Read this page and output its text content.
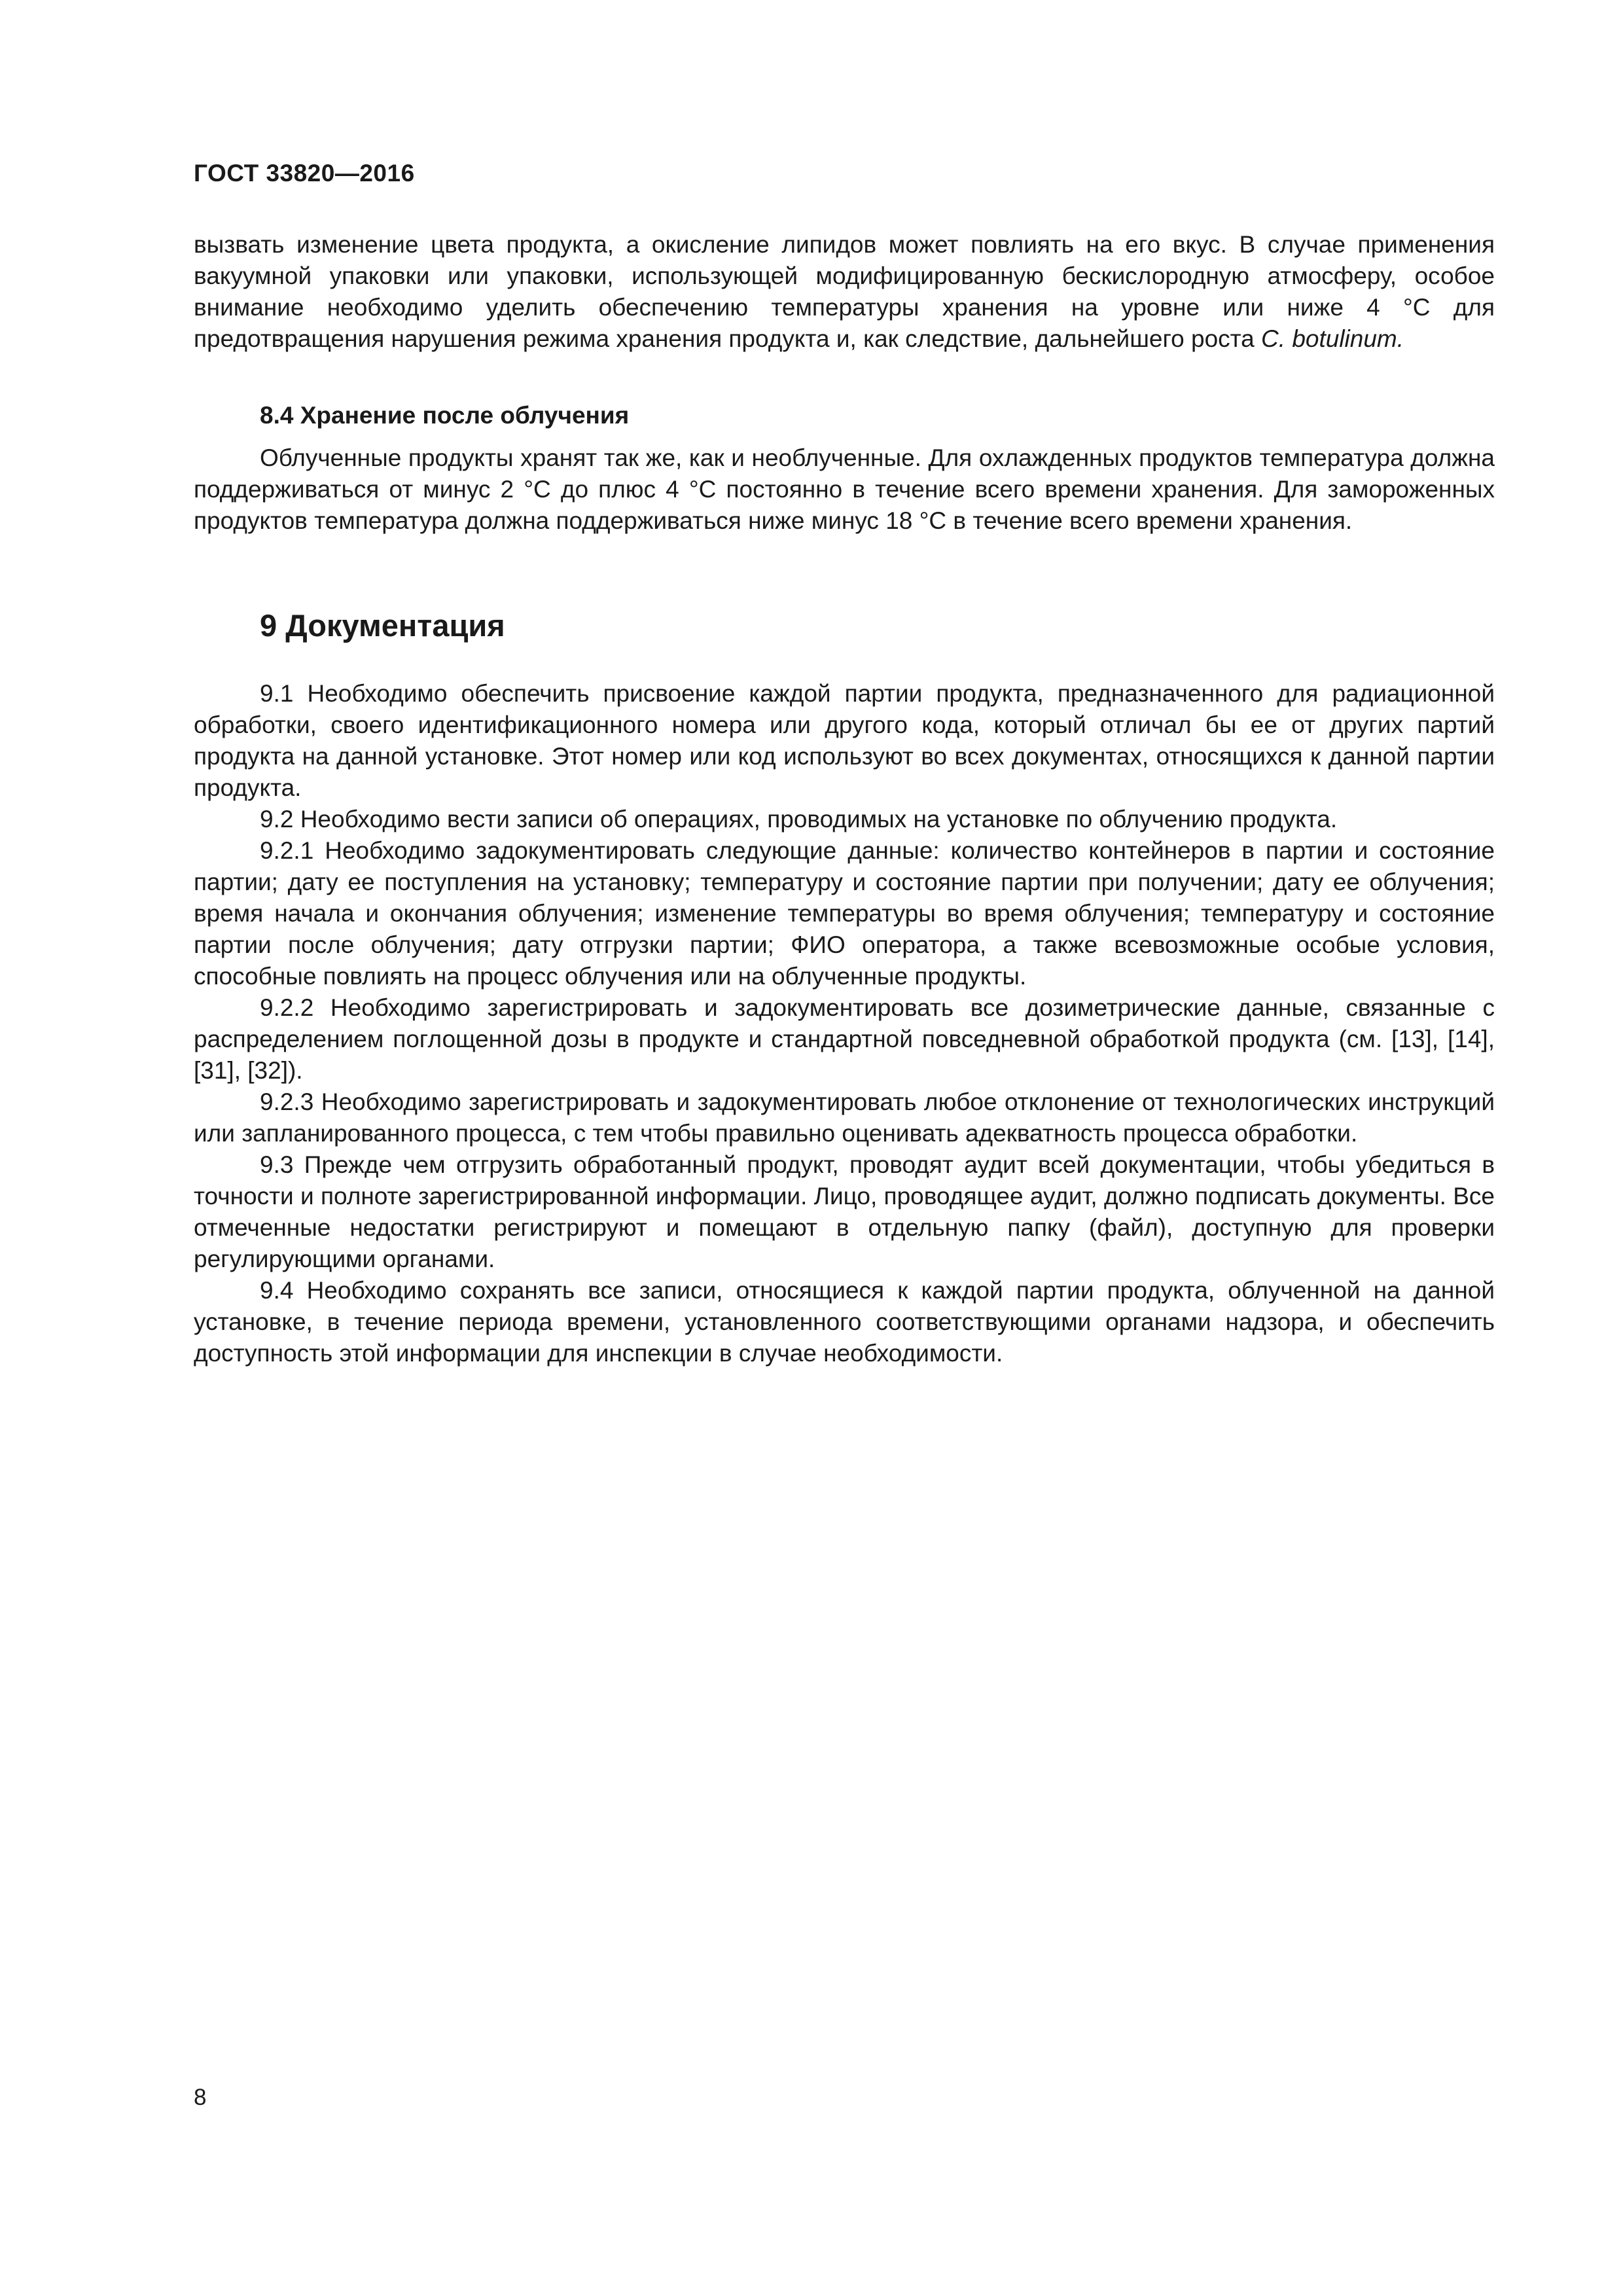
ГОСТ 33820—2016

вызвать изменение цвета продукта, а окисление липидов может повлиять на его вкус. В случае применения вакуумной упаковки или упаковки, использующей модифицированную бескислородную атмосферу, особое внимание необходимо уделить обеспечению температуры хранения на уровне или ниже 4 °С для предотвращения нарушения режима хранения продукта и, как следствие, дальнейшего роста C. botulinum.

8.4 Хранение после облучения

Облученные продукты хранят так же, как и необлученные. Для охлажденных продуктов температура должна поддерживаться от минус 2 °С до плюс 4 °С постоянно в течение всего времени хранения. Для замороженных продуктов температура должна поддерживаться ниже минус 18 °С в течение всего времени хранения.

9 Документация

9.1 Необходимо обеспечить присвоение каждой партии продукта, предназначенного для радиационной обработки, своего идентификационного номера или другого кода, который отличал бы ее от других партий продукта на данной установке. Этот номер или код используют во всех документах, относящихся к данной партии продукта.

9.2 Необходимо вести записи об операциях, проводимых на установке по облучению продукта.

9.2.1 Необходимо задокументировать следующие данные: количество контейнеров в партии и состояние партии; дату ее поступления на установку; температуру и состояние партии при получении; дату ее облучения; время начала и окончания облучения; изменение температуры во время облучения; температуру и состояние партии после облучения; дату отгрузки партии; ФИО оператора, а также всевозможные особые условия, способные повлиять на процесс облучения или на облученные продукты.

9.2.2 Необходимо зарегистрировать и задокументировать все дозиметрические данные, связанные с распределением поглощенной дозы в продукте и стандартной повседневной обработкой продукта (см. [13], [14], [31], [32]).

9.2.3 Необходимо зарегистрировать и задокументировать любое отклонение от технологических инструкций или запланированного процесса, с тем чтобы правильно оценивать адекватность процесса обработки.

9.3 Прежде чем отгрузить обработанный продукт, проводят аудит всей документации, чтобы убедиться в точности и полноте зарегистрированной информации. Лицо, проводящее аудит, должно подписать документы. Все отмеченные недостатки регистрируют и помещают в отдельную папку (файл), доступную для проверки регулирующими органами.

9.4 Необходимо сохранять все записи, относящиеся к каждой партии продукта, облученной на данной установке, в течение периода времени, установленного соответствующими органами надзора, и обеспечить доступность этой информации для инспекции в случае необходимости.

8
